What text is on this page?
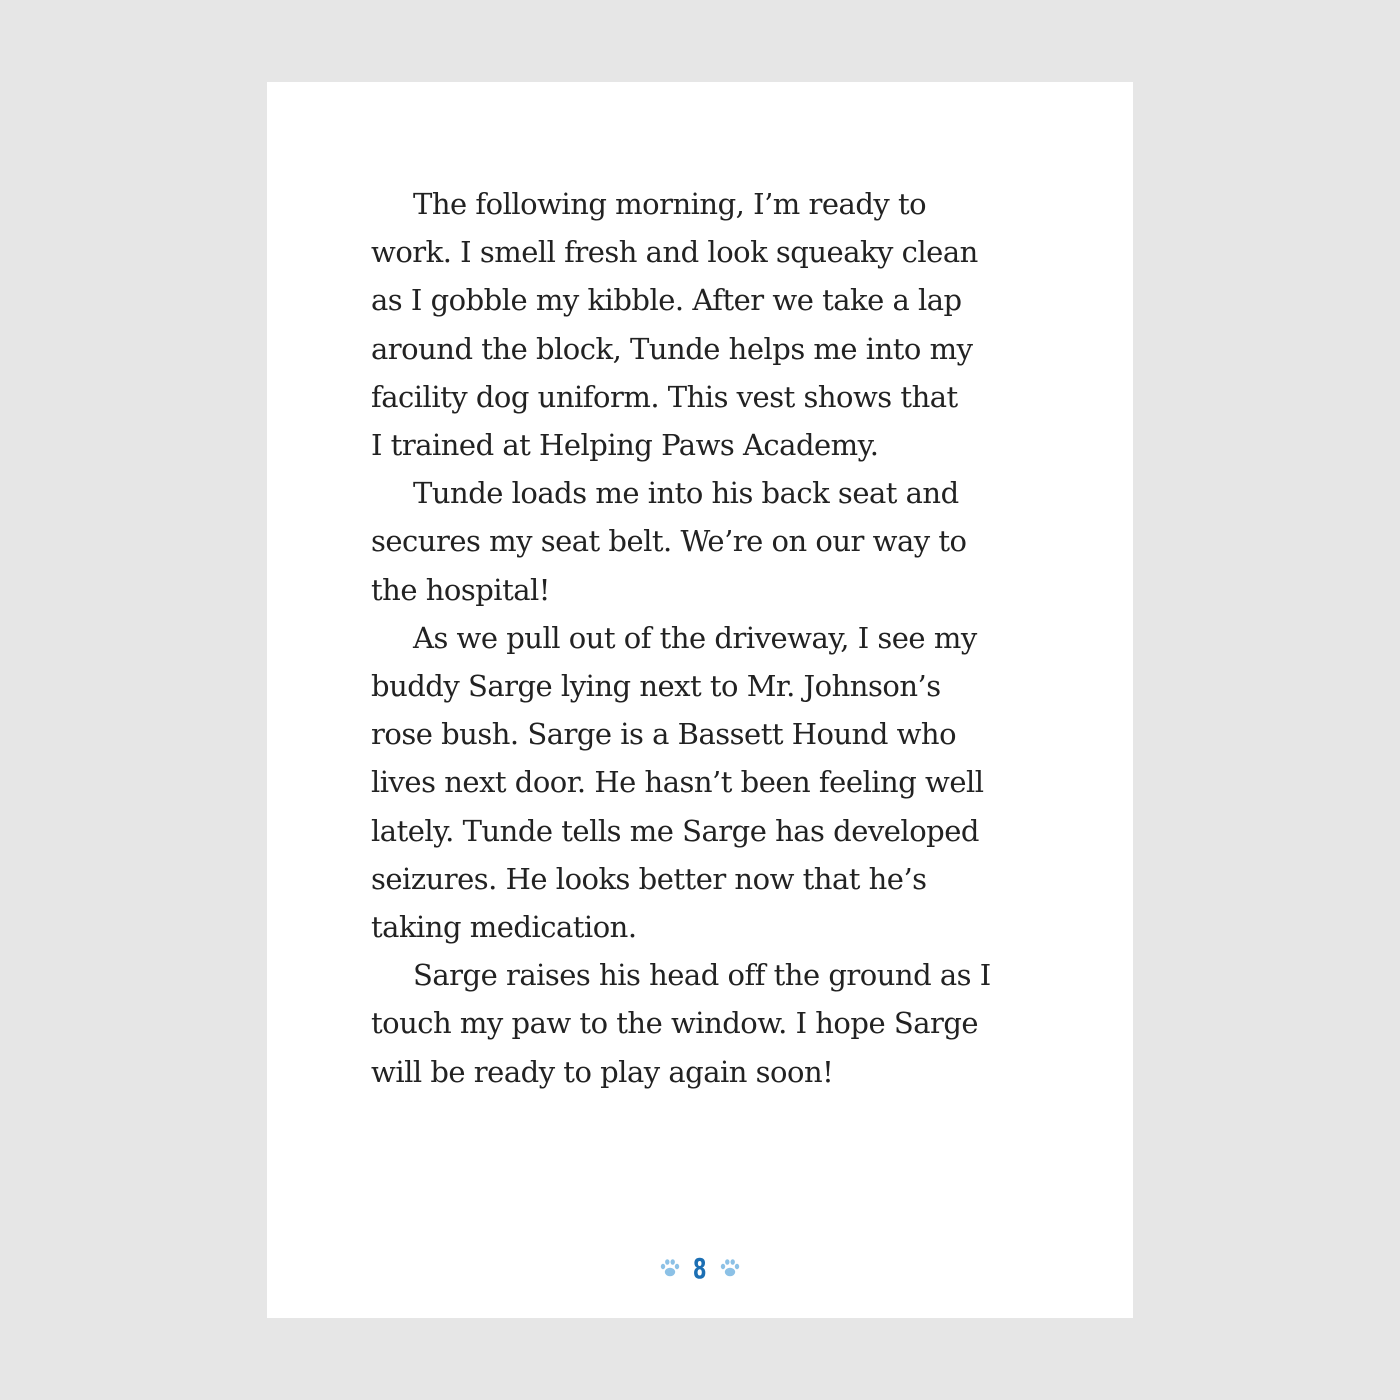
The following morning, I’m ready to
work. I smell fresh and look squeaky clean
as I gobble my kibble. After we take a lap
around the block, Tunde helps me into my
facility dog uniform. This vest shows that
I trained at Helping Paws Academy.

Tunde loads me into his back seat and
secures my seat belt. We’re on our way to
the hospital!

As we pull out of the driveway, I see my
buddy Sarge lying next to Mr. Johnson’s
rose bush. Sarge is a Bassett Hound who
lives next door. He hasn’t been feeling well
lately. Tunde tells me Sarge has developed
seizures. He looks better now that he’s
taking medication.

Sarge raises his head off the ground as I
touch my paw to the window. I hope Sarge
will be ready to play again soon!

8
